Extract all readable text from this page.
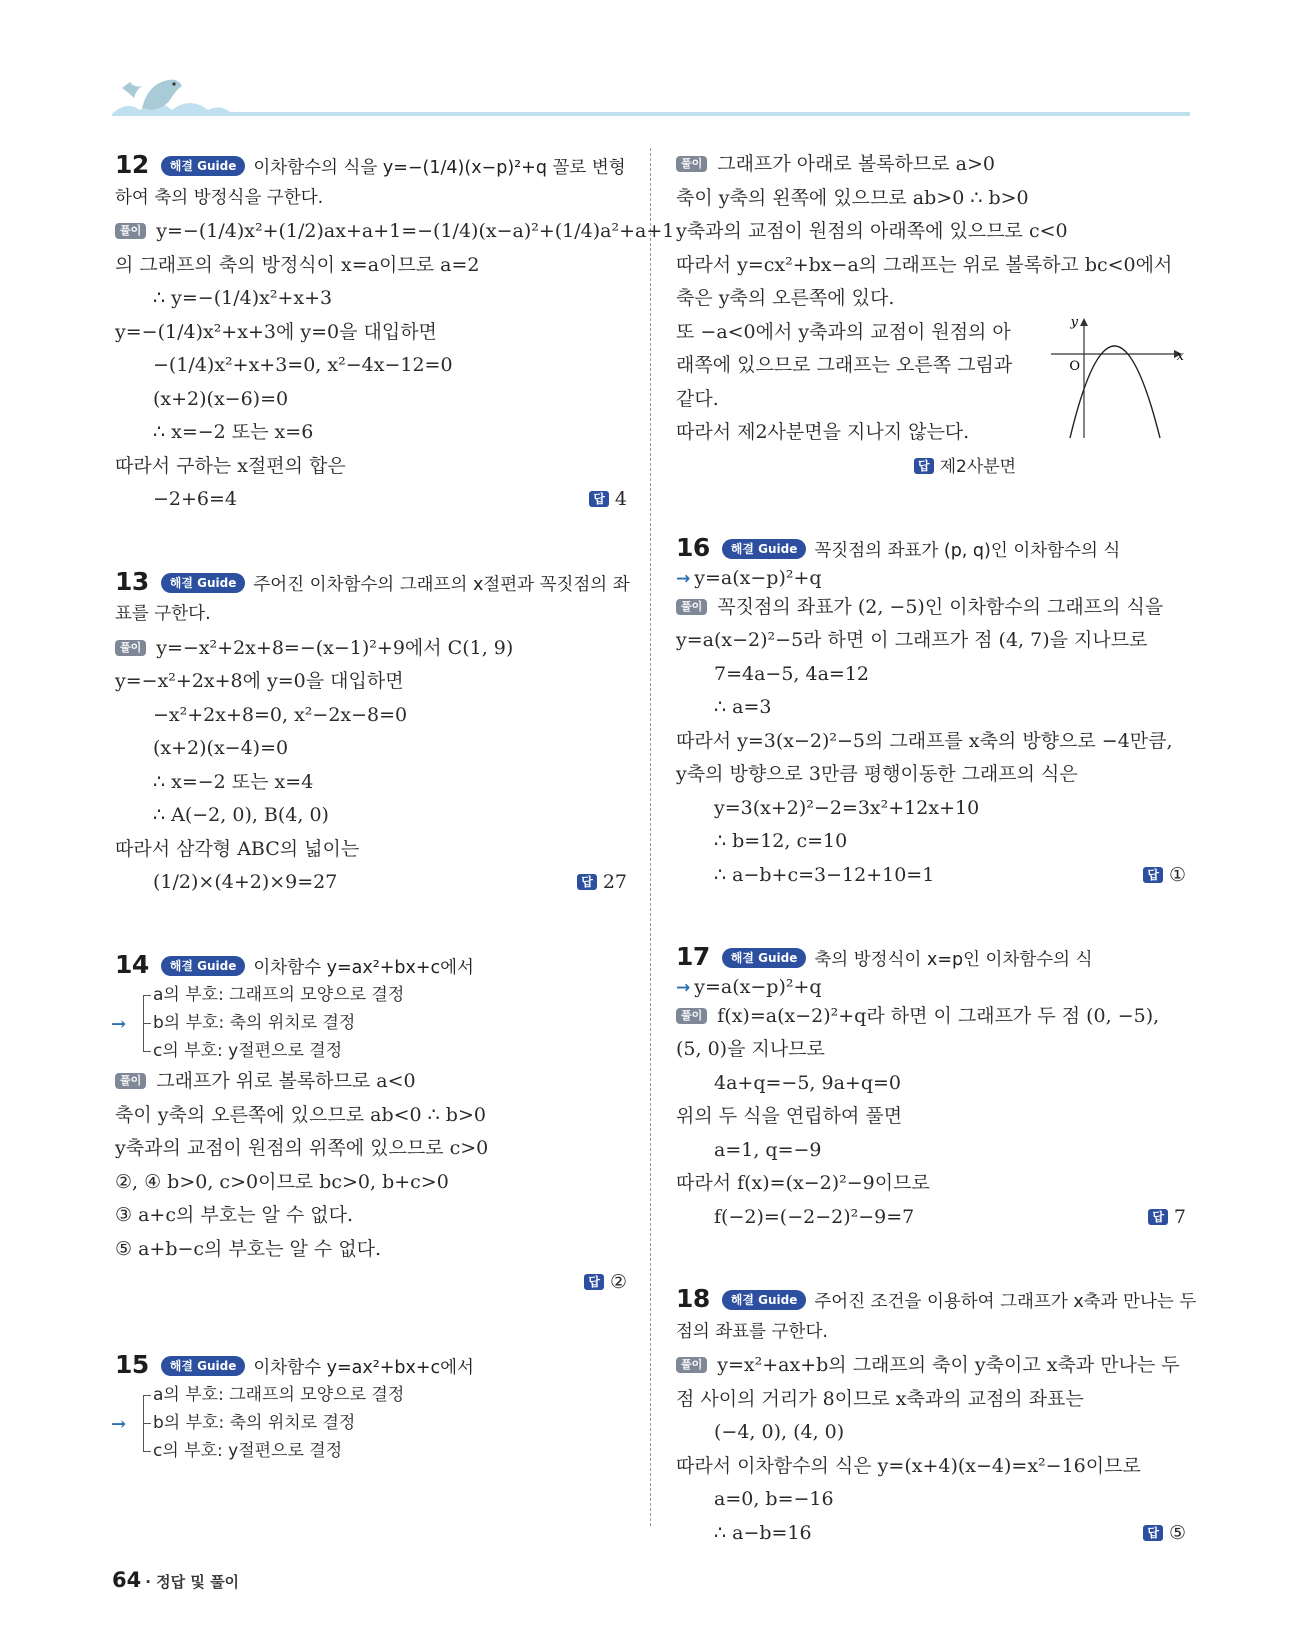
12 해결 Guide 이차함수의 식을 y=−(1/4)(x−p)²+q 꼴로 변형
하여 축의 방정식을 구한다.
풀이 y=−(1/4)x²+(1/2)ax+a+1=−(1/4)(x−a)²+(1/4)a²+a+1
의 그래프의 축의 방정식이 x=a이므로 a=2
∴ y=−(1/4)x²+x+3
y=−(1/4)x²+x+3에 y=0을 대입하면
−(1/4)x²+x+3=0, x²−4x−12=0
(x+2)(x−6)=0
∴ x=−2 또는 x=6
따라서 구하는 x절편의 합은
−2+6=4	답 4
13 해결 Guide 주어진 이차함수의 그래프의 x절편과 꼭짓점의 좌
표를 구한다.
풀이 y=−x²+2x+8=−(x−1)²+9에서 C(1, 9)
y=−x²+2x+8에 y=0을 대입하면
−x²+2x+8=0, x²−2x−8=0
(x+2)(x−4)=0
∴ x=−2 또는 x=4
∴ A(−2, 0), B(4, 0)
따라서 삼각형 ABC의 넓이는
(1/2)×(4+2)×9=27	답 27
14 해결 Guide 이차함수 y=ax²+bx+c에서
→
a의 부호: 그래프의 모양으로 결정
b의 부호: 축의 위치로 결정
c의 부호: y절편으로 결정
풀이 그래프가 위로 볼록하므로 a<0
축이 y축의 오른쪽에 있으므로 ab<0 ∴ b>0
y축과의 교점이 원점의 위쪽에 있으므로 c>0
②, ④ b>0, c>0이므로 bc>0, b+c>0
③ a+c의 부호는 알 수 없다.
⑤ a+b−c의 부호는 알 수 없다.
답 ②
15 해결 Guide 이차함수 y=ax²+bx+c에서
→
a의 부호: 그래프의 모양으로 결정
b의 부호: 축의 위치로 결정
c의 부호: y절편으로 결정
풀이 그래프가 아래로 볼록하므로 a>0
축이 y축의 왼쪽에 있으므로 ab>0 ∴ b>0
y축과의 교점이 원점의 아래쪽에 있으므로 c<0
따라서 y=cx²+bx−a의 그래프는 위로 볼록하고 bc<0에서
축은 y축의 오른쪽에 있다.
또 −a<0에서 y축과의 교점이 원점의 아
래쪽에 있으므로 그래프는 오른쪽 그림과
같다.
따라서 제2사분면을 지나지 않는다.
x
y
O
답 제2사분면
16 해결 Guide 꼭짓점의 좌표가 (p, q)인 이차함수의 식
→ y=a(x−p)²+q
풀이 꼭짓점의 좌표가 (2, −5)인 이차함수의 그래프의 식을
y=a(x−2)²−5라 하면 이 그래프가 점 (4, 7)을 지나므로
7=4a−5, 4a=12
∴ a=3
따라서 y=3(x−2)²−5의 그래프를 x축의 방향으로 −4만큼,
y축의 방향으로 3만큼 평행이동한 그래프의 식은
y=3(x+2)²−2=3x²+12x+10
∴ b=12, c=10
∴ a−b+c=3−12+10=1	답 ①
17 해결 Guide 축의 방정식이 x=p인 이차함수의 식
→ y=a(x−p)²+q
풀이 f(x)=a(x−2)²+q라 하면 이 그래프가 두 점 (0, −5),
(5, 0)을 지나므로
4a+q=−5, 9a+q=0
위의 두 식을 연립하여 풀면
a=1, q=−9
따라서 f(x)=(x−2)²−9이므로
f(−2)=(−2−2)²−9=7	답 7
18 해결 Guide 주어진 조건을 이용하여 그래프가 x축과 만나는 두
점의 좌표를 구한다.
풀이 y=x²+ax+b의 그래프의 축이 y축이고 x축과 만나는 두
점 사이의 거리가 8이므로 x축과의 교점의 좌표는
(−4, 0), (4, 0)
따라서 이차함수의 식은 y=(x+4)(x−4)=x²−16이므로
a=0, b=−16
∴ a−b=16	답 ⑤
64 · 정답 및 풀이
